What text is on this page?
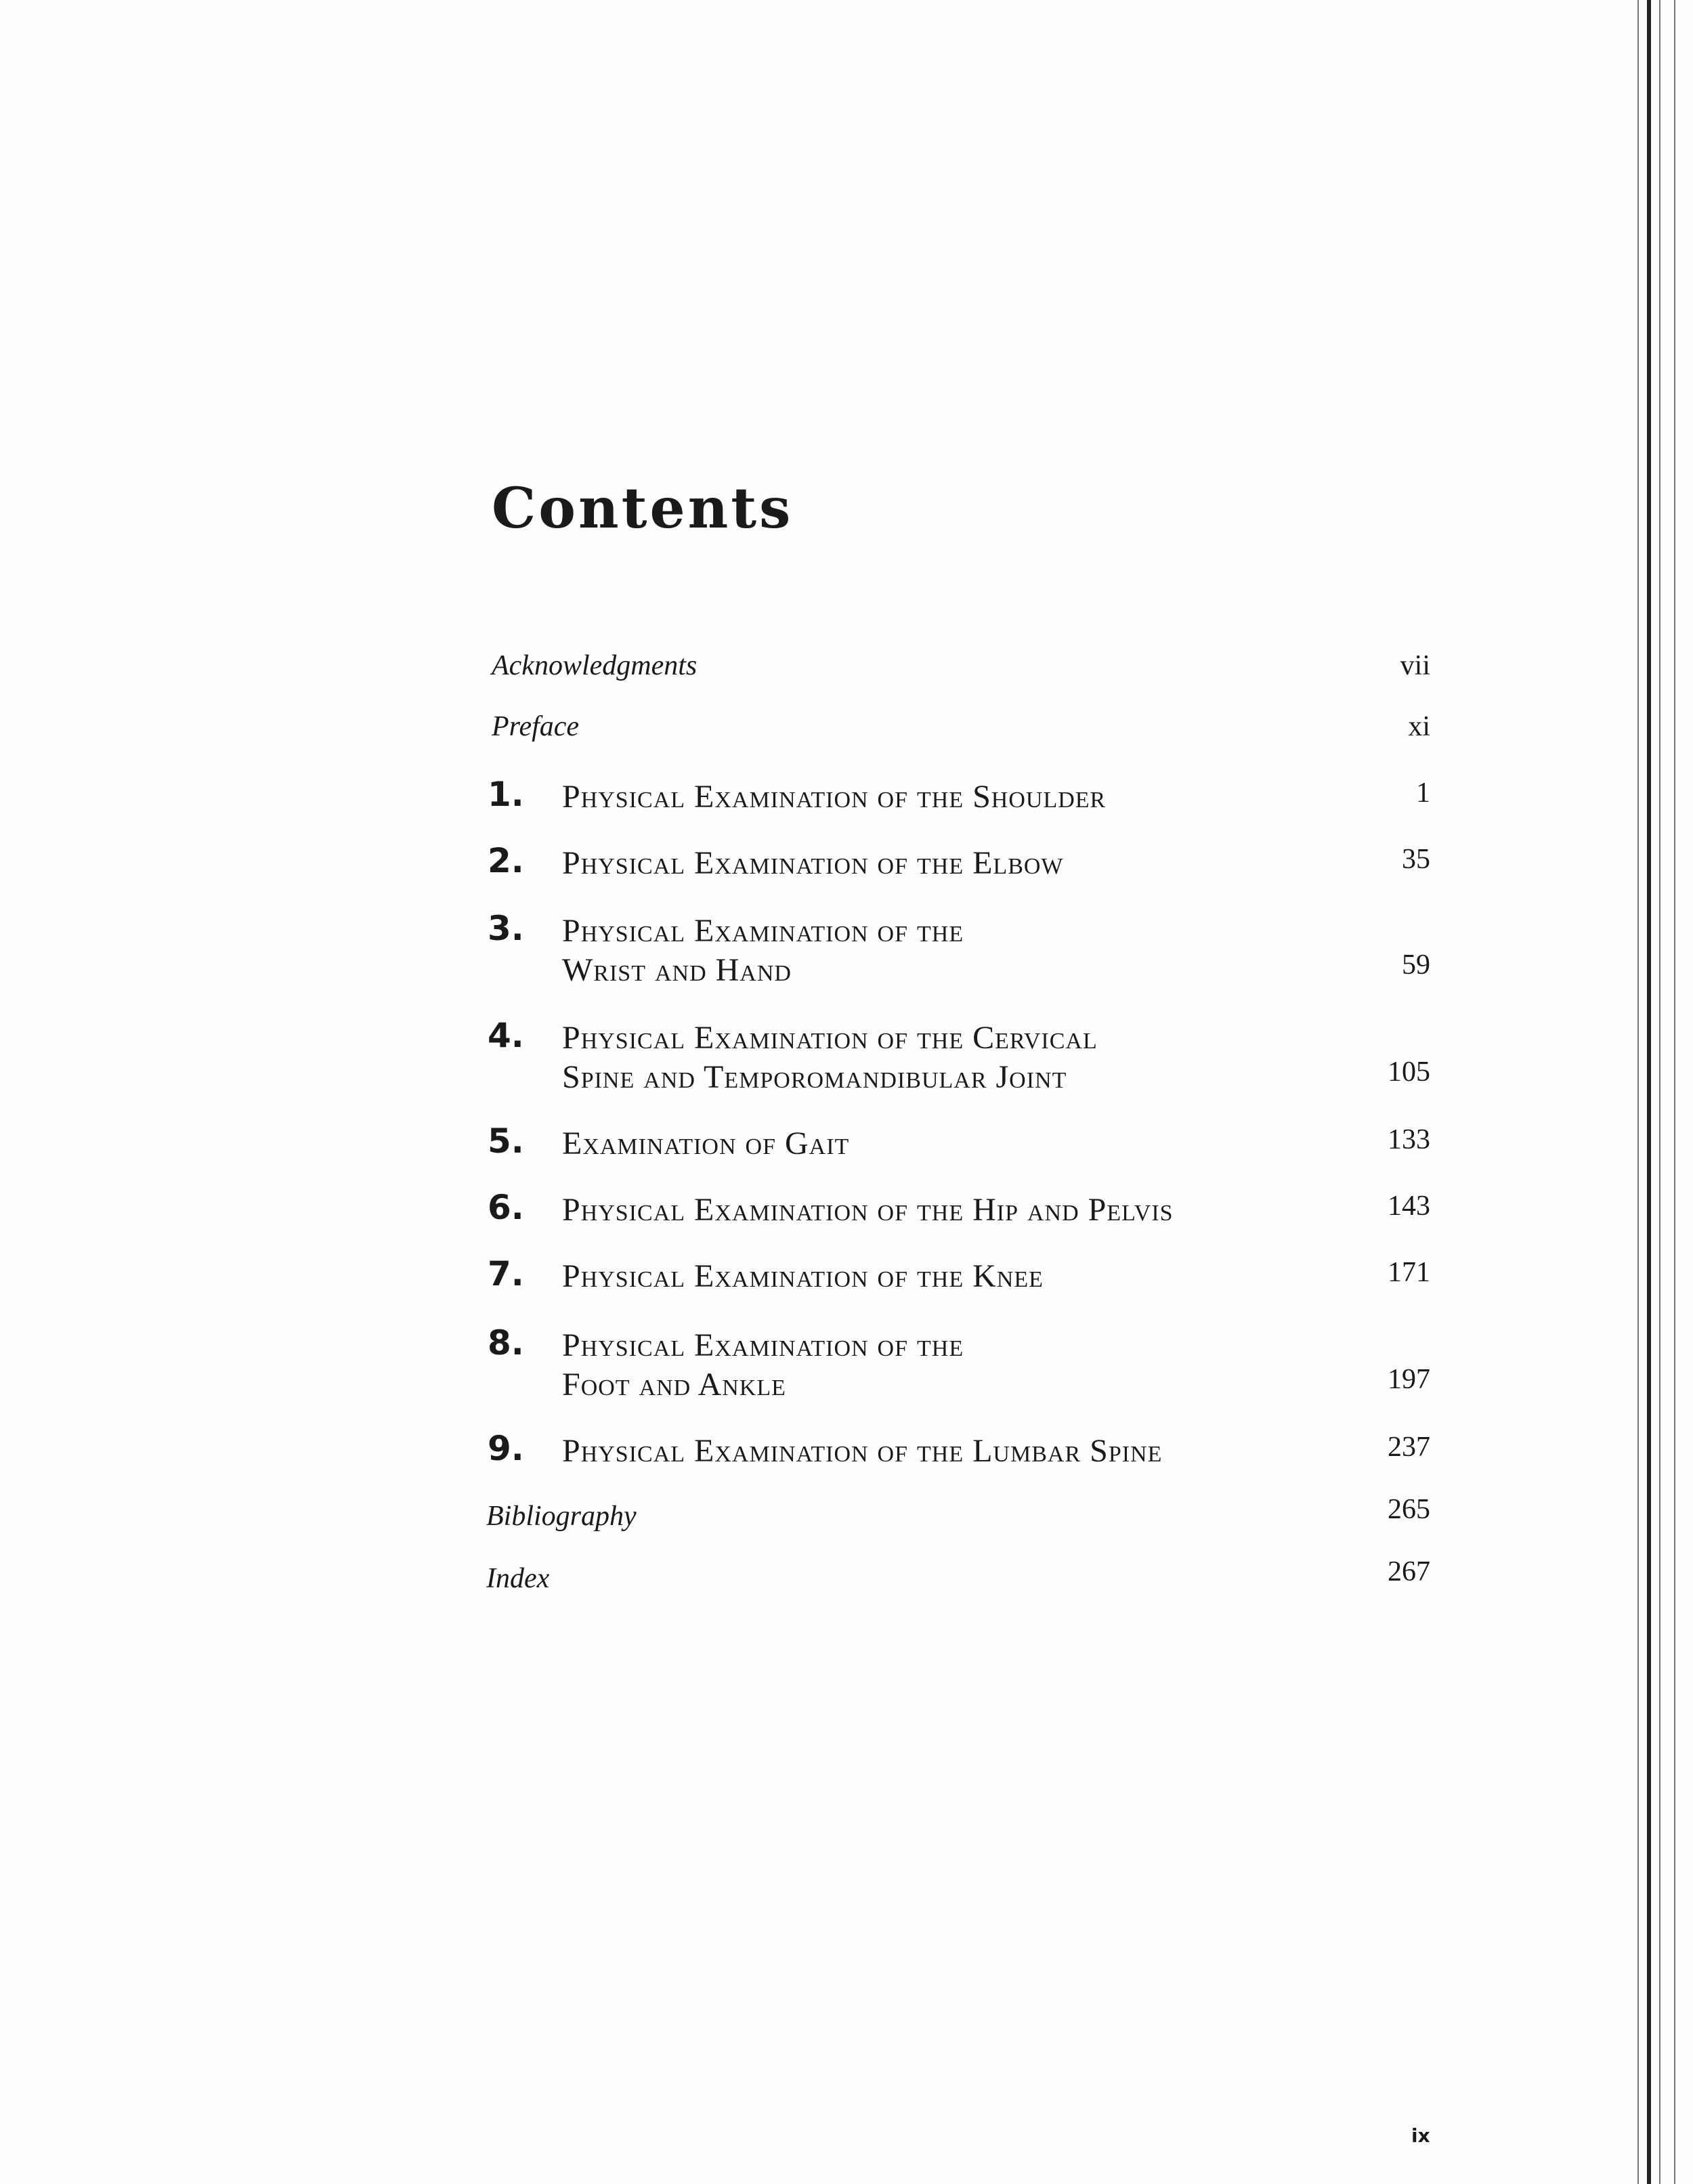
Contents
Acknowledgments	vii
Preface	xi
1. Physical Examination of the Shoulder	1
2. Physical Examination of the Elbow	35
3. Physical Examination of the
Wrist and Hand	59
4. Physical Examination of the Cervical
Spine and Temporomandibular Joint	105
5. Examination of Gait	133
6. Physical Examination of the Hip and Pelvis	143
7. Physical Examination of the Knee	171
8. Physical Examination of the
Foot and Ankle	197
9. Physical Examination of the Lumbar Spine	237
Bibliography	265
Index	267
ix
